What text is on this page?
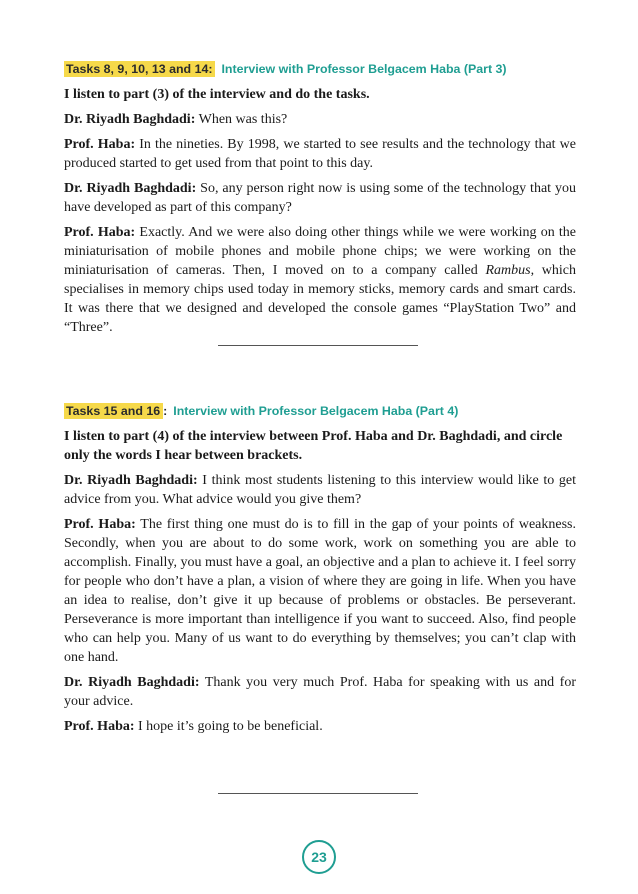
Tasks 8, 9, 10, 13 and 14: Interview with Professor Belgacem Haba (Part 3)
I listen to part (3) of the interview and do the tasks.

Dr. Riyadh Baghdadi: When was this?

Prof. Haba: In the nineties. By 1998, we started to see results and the technology that we produced started to get used from that point to this day.

Dr. Riyadh Baghdadi: So, any person right now is using some of the technology that you have developed as part of this company?

Prof. Haba: Exactly. And we were also doing other things while we were working on the miniaturisation of mobile phones and mobile phone chips; we were working on the miniaturisation of cameras. Then, I moved on to a company called Rambus, which specialises in memory chips used today in memory sticks, memory cards and smart cards. It was there that we designed and developed the console games “PlayStation Two” and “Three”.

Tasks 15 and 16 : Interview with Professor Belgacem Haba (Part 4)
I listen to part (4) of the interview between Prof. Haba and Dr. Baghdadi, and circle only the words I hear between brackets.

Dr. Riyadh Baghdadi: I think most students listening to this interview would like to get advice from you. What advice would you give them?

Prof. Haba: The first thing one must do is to fill in the gap of your points of weakness. Secondly, when you are about to do some work, work on something you are able to accomplish. Finally, you must have a goal, an objective and a plan to achieve it. I feel sorry for people who don’t have a plan, a vision of where they are going in life. When you have an idea to realise, don’t give it up because of problems or obstacles. Be perseverant. Perseverance is more important than intelligence if you want to succeed. Also, find people who can help you. Many of us want to do everything by themselves; you can’t clap with one hand.

Dr. Riyadh Baghdadi: Thank you very much Prof. Haba for speaking with us and for your advice.

Prof. Haba: I hope it’s going to be beneficial.

23
